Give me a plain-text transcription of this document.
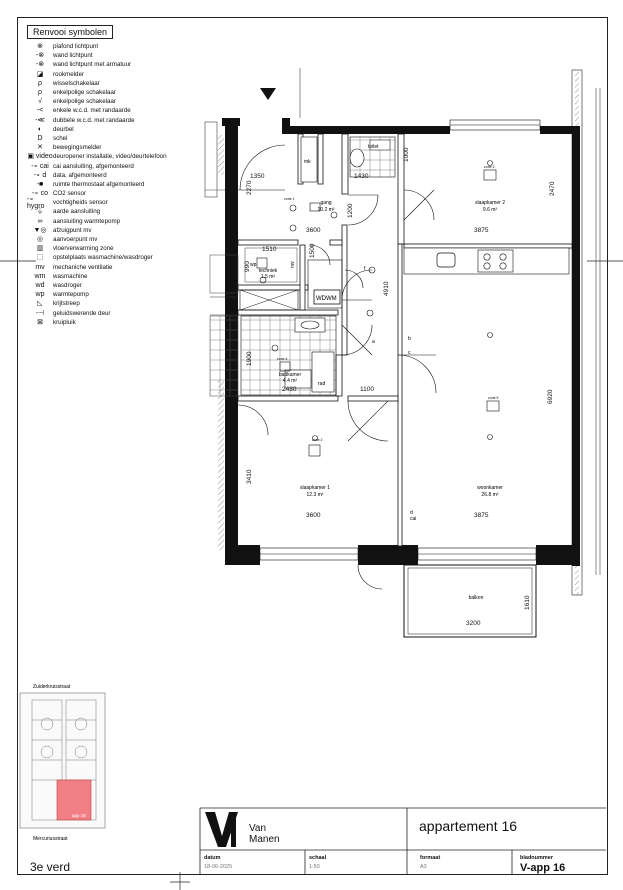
Renvooi symbolen
⊗	plafond lichtpunt
-⊗	wand lichtpunt
-⊗	wand lichtpunt met armatuur
◪	rookmelder
ρ	wisselschakelaar
ρ	enkelpolige schakelaar
√	enkelpolige schakelaar
-<	enkele w.c.d. met randaarde
-≪	dubbele w.c.d. met randaarde
◐	deurbel
D	schel
✕	bewegingsmelder
▣ video deuropener installatie, video/deurtelefoon
-∘ cai cai aansluiting, afgemonteerd
-∘ d	data, afgemonteerd
-■	ruimte thermostaat afgemonteerd
-∘ co CO2 sensor
-∘ hygro	vochtigheids sensor
⏚	aarde aansluiting
∞	aansluiting warmtepomp
▼◎	afzuigpunt mv
◎	aanvoerpunt mv
▥	vloerverwarming zone
⬚	opstelplaats wasmachine/wasdroger
mv	mechaniche ventilatie
wm	wasmachine
wd	wasdroger
wp	warmtepomp
◺	krijtstreep
-⊣	geluidswerende deur
⊠	kruipluik
zone 1
zone 3
zone 4
zone 2
zone 5
gang
10.2 m²
slaapkamer 2
9.6 m²
techniek
1.5 m²
badkamer
4.4 m²
slaapkamer 1
12.3 m²
woonkamer
26.8 m²
balkon
mk
toilet
WDWM
mv
wp
rad
cai
d
a	b
c
f
1350	1430
1000
2470
2270
1200
3600	3875
1510	1500
990
4910
1900
2430	1100
6920
3410
3600	3875
1610
3200
Zuiderkruisstraat
app 16
Mercuriusstraat
3e verd
Van
Manen
appartement 16
datum
18-06-2025
schaal
1:50
formaat
A3
bladnummer
V-app 16
